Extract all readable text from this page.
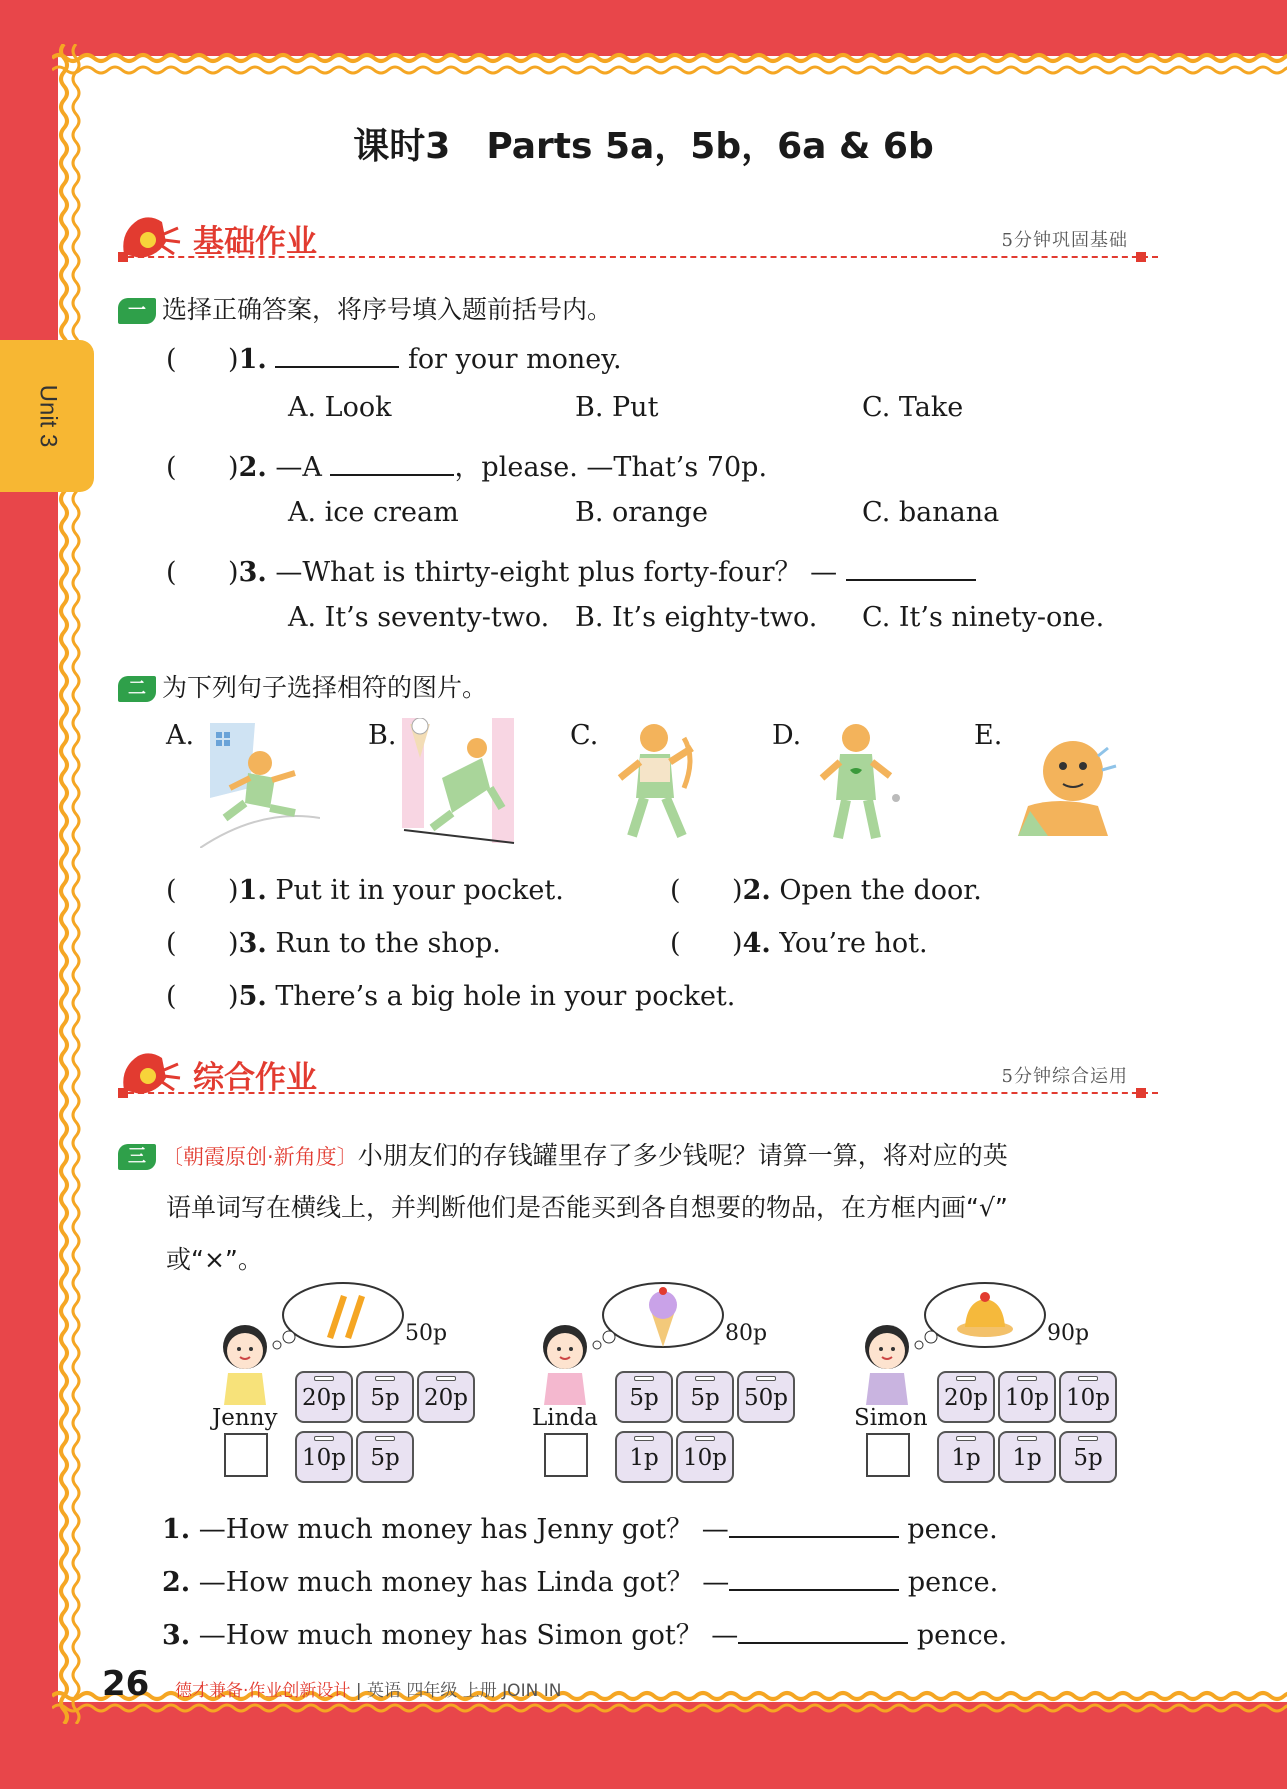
Unit 3
课时3　Parts 5a，5b，6a & 6b
基础作业	5分钟巩固基础
一 选择正确答案，将序号填入题前括号内。
(      )1.	for your money.
A. Look	B. Put	C. Take
(      )2. —A	，please. —That’s 70p.
A. ice cream	B. orange	C. banana
(      )3. —What is thirty-eight plus forty-four？ —
A. It’s seventy-two. B. It’s eighty-two. C. It’s ninety-one.
二 为下列句子选择相符的图片。
A.	B.	C.	D.	E.
(      )1. Put it in your pocket.	(      )2. Open the door.
(      )3. Run to the shop.	(      )4. You’re hot.
(      )5. There’s a big hole in your pocket.
综合作业	5分钟综合运用
三 〔朝霞原创·新角度〕小朋友们的存钱罐里存了多少钱呢？请算一算，将对应的英
语单词写在横线上，并判断他们是否能买到各自想要的物品，在方框内画“√”
或“×”。
50p
Jenny
20p	5p	20p
10p	5p
80p
Linda
5p	5p	50p
1p	10p
90p
Simon
20p 10p 10p
1p	1p	5p
1. —How much money has Jenny got？ —	pence.
2. —How much money has Linda got？ —	pence.
3. —How much money has Simon got？ —	pence.
26 德才兼备·作业创新设计 | 英语 四年级 上册 JOIN IN
